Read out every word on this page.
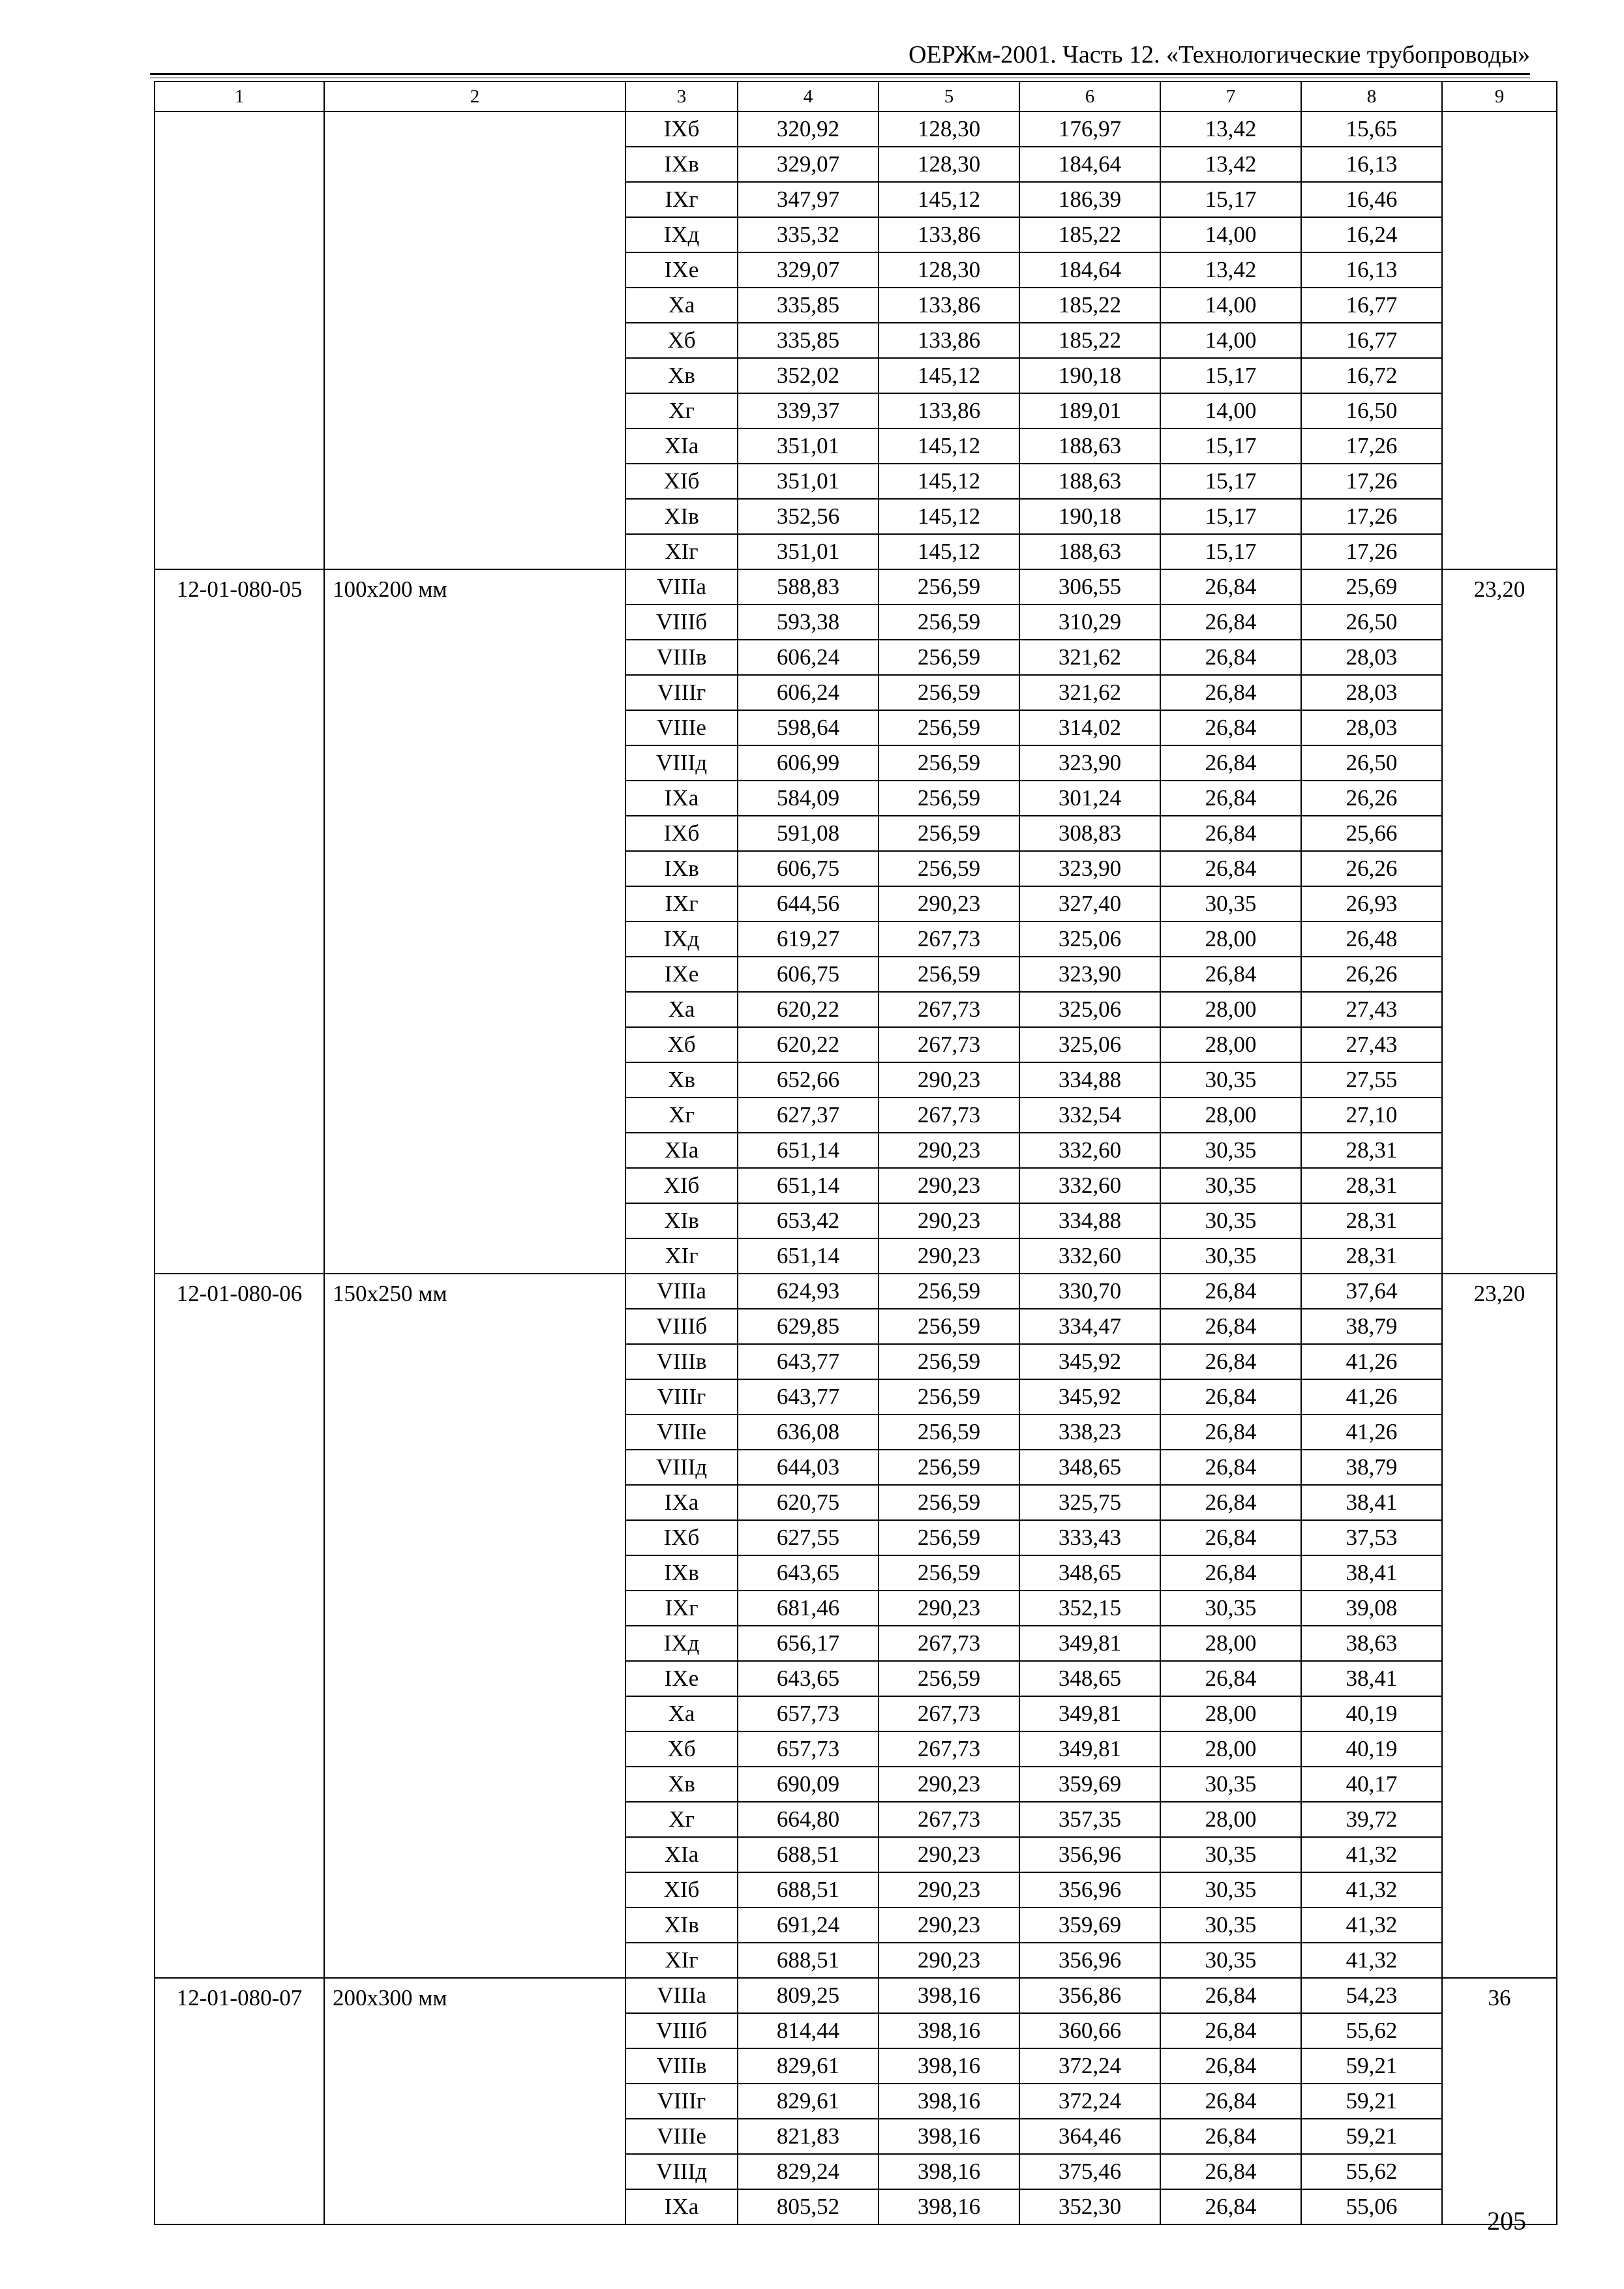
ОЕРЖм-2001. Часть 12. «Технологические трубопроводы»
1	2	3	4	5	6	7	8	9
		IXб	320,92	128,30	176,97	13,42	15,65	
		IXв	329,07	128,30	184,64	13,42	16,13	
		IXг	347,97	145,12	186,39	15,17	16,46	
		IXд	335,32	133,86	185,22	14,00	16,24	
		IXе	329,07	128,30	184,64	13,42	16,13	
		Xа	335,85	133,86	185,22	14,00	16,77	
		Xб	335,85	133,86	185,22	14,00	16,77	
		Xв	352,02	145,12	190,18	15,17	16,72	
		Xг	339,37	133,86	189,01	14,00	16,50	
		XIа	351,01	145,12	188,63	15,17	17,26	
		XIб	351,01	145,12	188,63	15,17	17,26	
		XIв	352,56	145,12	190,18	15,17	17,26	
		XIг	351,01	145,12	188,63	15,17	17,26	
12-01-080-05	100х200 мм	VIIIа	588,83	256,59	306,55	26,84	25,69	23,20
		VIIIб	593,38	256,59	310,29	26,84	26,50	
		VIIIв	606,24	256,59	321,62	26,84	28,03	
		VIIIг	606,24	256,59	321,62	26,84	28,03	
		VIIIе	598,64	256,59	314,02	26,84	28,03	
		VIIIд	606,99	256,59	323,90	26,84	26,50	
		IXа	584,09	256,59	301,24	26,84	26,26	
		IXб	591,08	256,59	308,83	26,84	25,66	
		IXв	606,75	256,59	323,90	26,84	26,26	
		IXг	644,56	290,23	327,40	30,35	26,93	
		IXд	619,27	267,73	325,06	28,00	26,48	
		IXе	606,75	256,59	323,90	26,84	26,26	
		Xа	620,22	267,73	325,06	28,00	27,43	
		Xб	620,22	267,73	325,06	28,00	27,43	
		Xв	652,66	290,23	334,88	30,35	27,55	
		Xг	627,37	267,73	332,54	28,00	27,10	
		XIа	651,14	290,23	332,60	30,35	28,31	
		XIб	651,14	290,23	332,60	30,35	28,31	
		XIв	653,42	290,23	334,88	30,35	28,31	
		XIг	651,14	290,23	332,60	30,35	28,31	
12-01-080-06	150х250 мм	VIIIа	624,93	256,59	330,70	26,84	37,64	23,20
		VIIIб	629,85	256,59	334,47	26,84	38,79	
		VIIIв	643,77	256,59	345,92	26,84	41,26	
		VIIIг	643,77	256,59	345,92	26,84	41,26	
		VIIIе	636,08	256,59	338,23	26,84	41,26	
		VIIIд	644,03	256,59	348,65	26,84	38,79	
		IXа	620,75	256,59	325,75	26,84	38,41	
		IXб	627,55	256,59	333,43	26,84	37,53	
		IXв	643,65	256,59	348,65	26,84	38,41	
		IXг	681,46	290,23	352,15	30,35	39,08	
		IXд	656,17	267,73	349,81	28,00	38,63	
		IXе	643,65	256,59	348,65	26,84	38,41	
		Xа	657,73	267,73	349,81	28,00	40,19	
		Xб	657,73	267,73	349,81	28,00	40,19	
		Xв	690,09	290,23	359,69	30,35	40,17	
		Xг	664,80	267,73	357,35	28,00	39,72	
		XIа	688,51	290,23	356,96	30,35	41,32	
		XIб	688,51	290,23	356,96	30,35	41,32	
		XIв	691,24	290,23	359,69	30,35	41,32	
		XIг	688,51	290,23	356,96	30,35	41,32	
12-01-080-07	200х300 мм	VIIIа	809,25	398,16	356,86	26,84	54,23	36
		VIIIб	814,44	398,16	360,66	26,84	55,62	
		VIIIв	829,61	398,16	372,24	26,84	59,21	
		VIIIг	829,61	398,16	372,24	26,84	59,21	
		VIIIе	821,83	398,16	364,46	26,84	59,21	
		VIIIд	829,24	398,16	375,46	26,84	55,62	
		IXа	805,52	398,16	352,30	26,84	55,06		205
